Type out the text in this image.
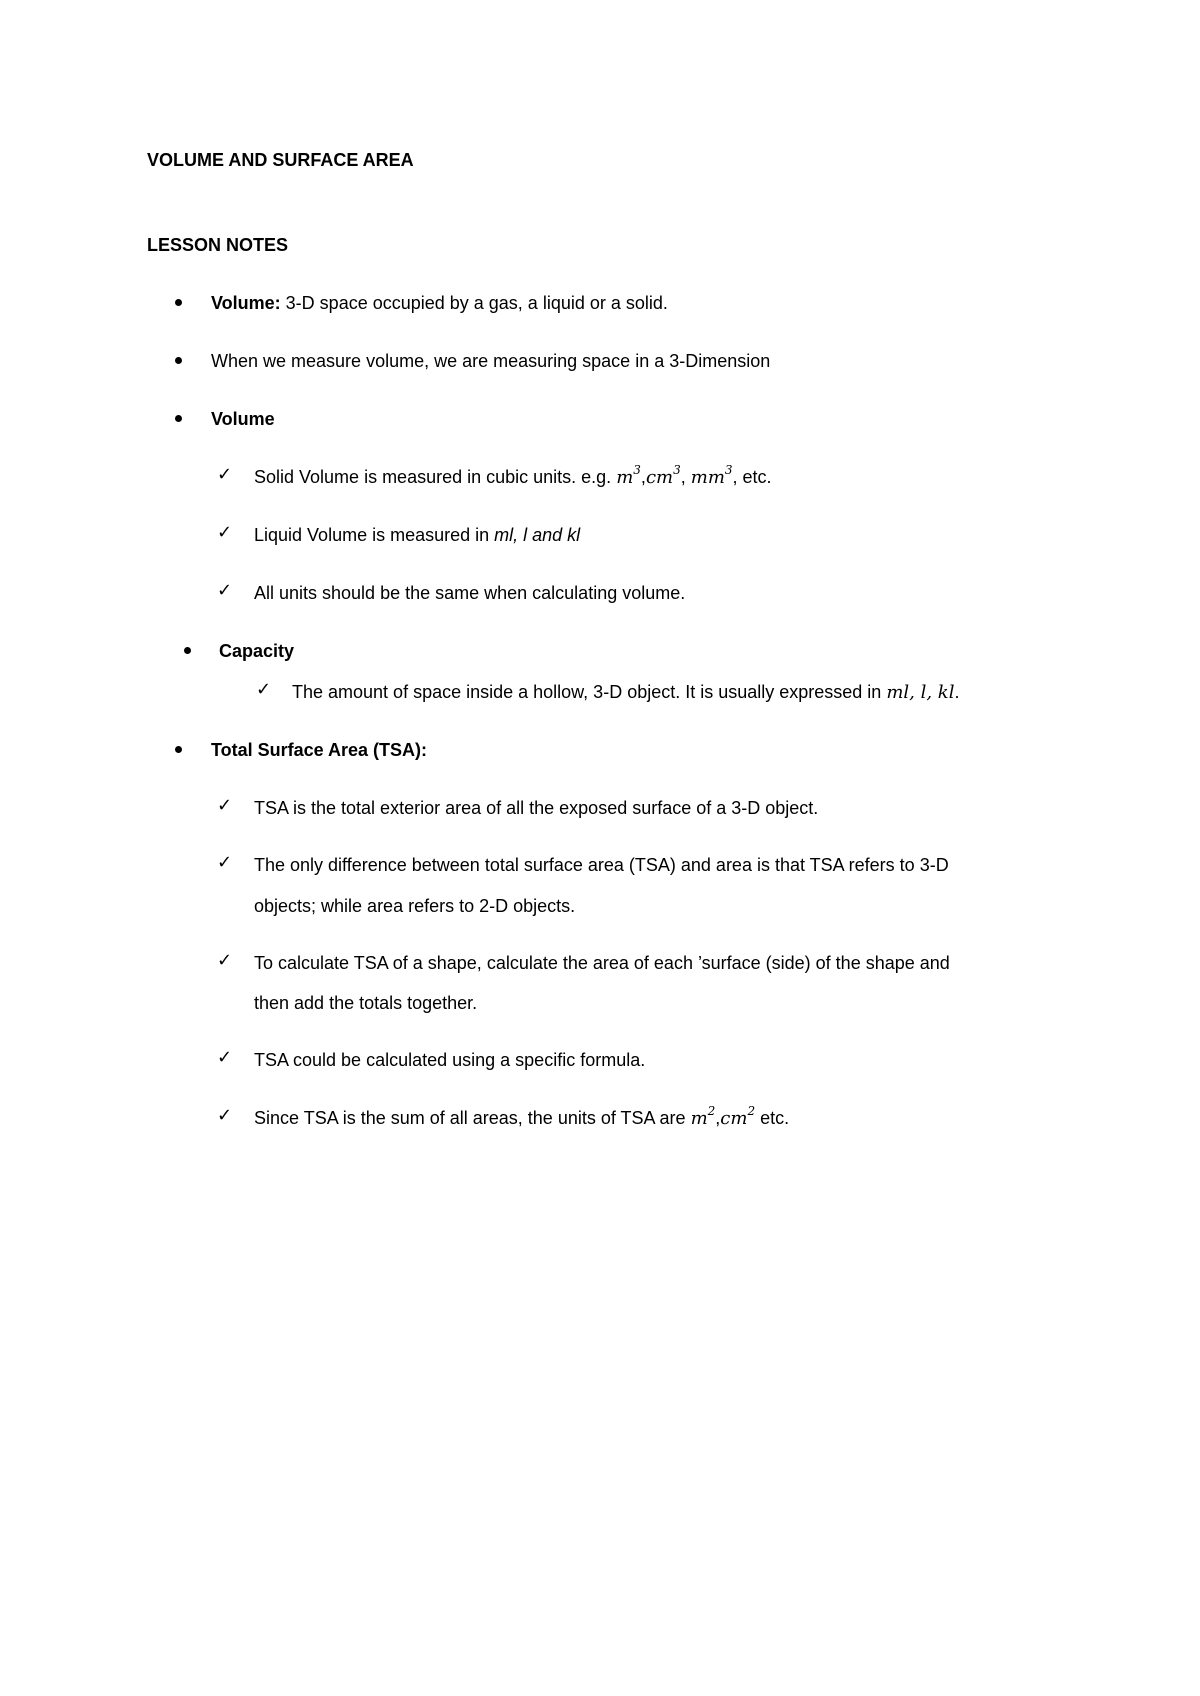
VOLUME AND SURFACE AREA
LESSON NOTES
Volume: 3-D space occupied by a gas, a liquid or a solid.
When we measure volume, we are measuring space in a 3-Dimension
Volume
✓ Solid Volume is measured in cubic units. e.g. $m^3,cm^3$, $mm^3$, etc.
✓ Liquid Volume is measured in ml, l and kl
✓ All units should be the same when calculating volume.
Capacity
✓ The amount of space inside a hollow, 3-D object. It is usually expressed in ml, l, kl.
Total Surface Area (TSA):
✓ TSA is the total exterior area of all the exposed surface of a 3-D object.
✓ The only difference between total surface area (TSA) and area is that TSA refers to 3-D
objects; while area refers to 2-D objects.
✓ To calculate TSA of a shape, calculate the area of each ’surface (side) of the shape and
then add the totals together.
✓ TSA could be calculated using a specific formula.
✓ Since TSA is the sum of all areas, the units of TSA are $m^2,cm^2$ etc.
